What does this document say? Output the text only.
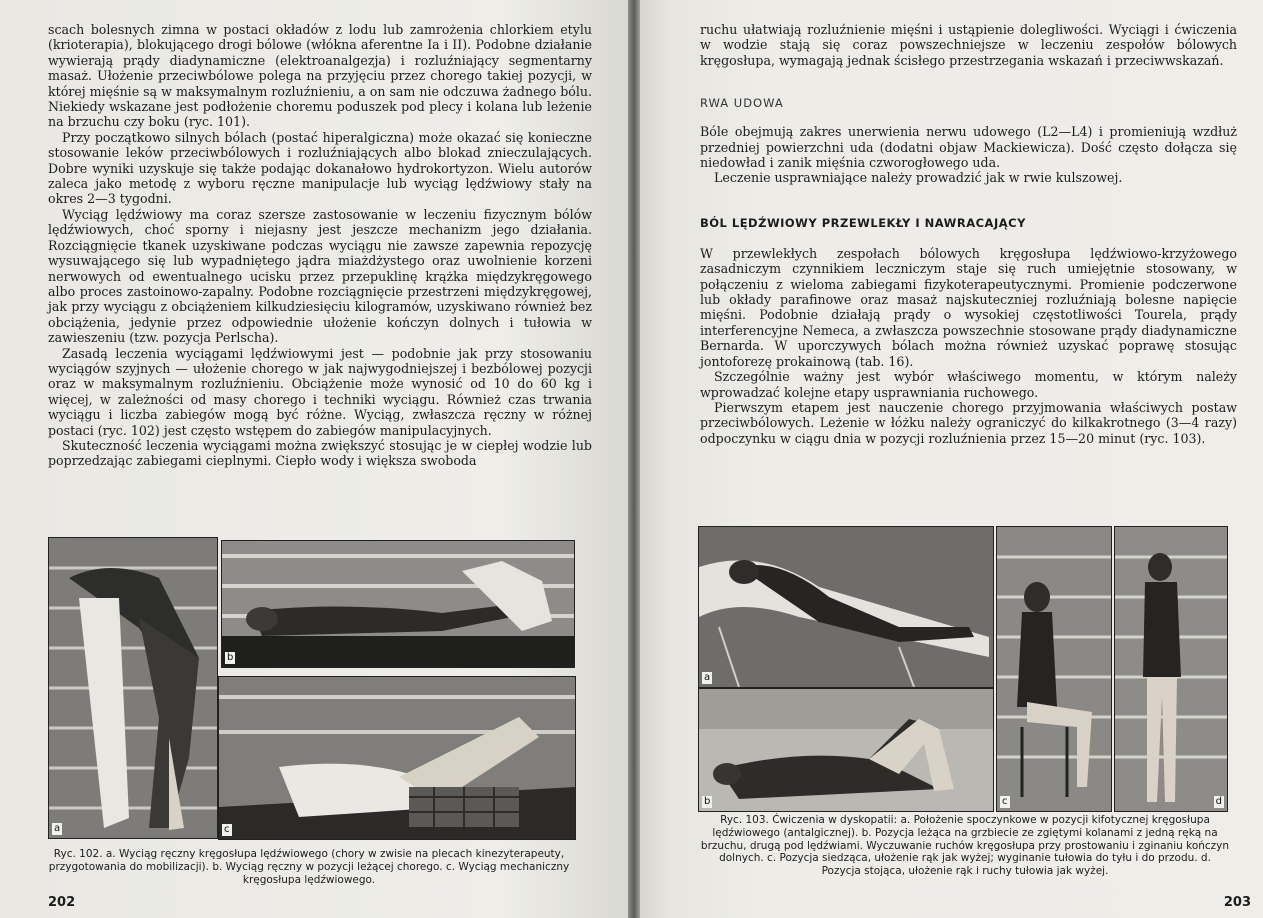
scach bolesnych zimna w postaci okładów z lodu lub zamrożenia chlorkiem etylu (krioterapia), blokującego drogi bólowe (włókna aferentne Ia i II). Podobne działanie wywierają prądy diadynamiczne (elektroanalgezja) i rozluźniający segmentarny masaż. Ułożenie przeciwbólowe polega na przyjęciu przez chorego takiej pozycji, w której mięśnie są w maksymalnym rozluźnieniu, a on sam nie odczuwa żadnego bólu. Niekiedy wskazane jest podłożenie choremu poduszek pod plecy i kolana lub leżenie na brzuchu czy boku (ryc. 101).

Przy początkowo silnych bólach (postać hiperalgiczna) może okazać się konieczne stosowanie leków przeciwbólowych i rozluźniających albo blokad znieczulających. Dobre wyniki uzyskuje się także podając dokanałowo hydrokortyzon. Wielu autorów zaleca jako metodę z wyboru ręczne manipulacje lub wyciąg lędźwiowy stały na okres 2—3 tygodni.

Wyciąg lędźwiowy ma coraz szersze zastosowanie w leczeniu fizycznym bólów lędźwiowych, choć sporny i niejasny jest jeszcze mechanizm jego działania. Rozciągnięcie tkanek uzyskiwane podczas wyciągu nie zawsze zapewnia repozycję wysuwającego się lub wypadniętego jądra miażdżystego oraz uwolnienie korzeni nerwowych od ewentualnego ucisku przez przepuklinę krążka międzykręgowego albo proces zastoinowo-zapalny. Podobne rozciągnięcie przestrzeni międzykręgowej, jak przy wyciągu z obciążeniem kilkudziesięciu kilogramów, uzyskiwano również bez obciążenia, jedynie przez odpowiednie ułożenie kończyn dolnych i tułowia w zawieszeniu (tzw. pozycja Perlscha).

Zasadą leczenia wyciągami lędźwiowymi jest — podobnie jak przy stosowaniu wyciągów szyjnych — ułożenie chorego w jak najwygodniejszej i bezbólowej pozycji oraz w maksymalnym rozluźnieniu. Obciążenie może wynosić od 10 do 60 kg i więcej, w zależności od masy chorego i techniki wyciągu. Również czas trwania wyciągu i liczba zabiegów mogą być różne. Wyciąg, zwłaszcza ręczny w różnej postaci (ryc. 102) jest często wstępem do zabiegów manipulacyjnych.

Skuteczność leczenia wyciągami można zwiększyć stosując je w ciepłej wodzie lub poprzedzając zabiegami cieplnymi. Ciepło wody i większa swoboda

a
b
c
Ryc. 102. a. Wyciąg ręczny kręgosłupa lędźwiowego (chory w zwisie na plecach kinezyterapeuty, przygotowania do mobilizacji). b. Wyciąg ręczny w pozycji leżącej chorego. c. Wyciąg mechaniczny kręgosłupa lędźwiowego.
202

ruchu ułatwiają rozluźnienie mięśni i ustąpienie dolegliwości. Wyciągi i ćwiczenia w wodzie stają się coraz powszechniejsze w leczeniu zespołów bólowych kręgosłupa, wymagają jednak ścisłego przestrzegania wskazań i przeciwwskazań.

RWA UDOWA

Bóle obejmują zakres unerwienia nerwu udowego (L2—L4) i promieniują wzdłuż przedniej powierzchni uda (dodatni objaw Mackiewicza). Dość często dołącza się niedowład i zanik mięśnia czworogłowego uda.

Leczenie usprawniające należy prowadzić jak w rwie kulszowej.

BÓL LĘDŹWIOWY PRZEWLEKŁY I NAWRACAJĄCY

W przewlekłych zespołach bólowych kręgosłupa lędźwiowo-krzyżowego zasadniczym czynnikiem leczniczym staje się ruch umiejętnie stosowany, w połączeniu z wieloma zabiegami fizykoterapeutycznymi. Promienie podczerwone lub okłady parafinowe oraz masaż najskuteczniej rozluźniają bolesne napięcie mięśni. Podobnie działają prądy o wysokiej częstotliwości Tourela, prądy interferencyjne Nemeca, a zwłaszcza powszechnie stosowane prądy diadynamiczne Bernarda. W uporczywych bólach można również uzyskać poprawę stosując jontoforezę prokainową (tab. 16).

Szczególnie ważny jest wybór właściwego momentu, w którym należy wprowadzać kolejne etapy usprawniania ruchowego.

Pierwszym etapem jest nauczenie chorego przyjmowania właściwych postaw przeciwbólowych. Leżenie w łóżku należy ograniczyć do kilkakrotnego (3—4 razy) odpoczynku w ciągu dnia w pozycji rozluźnienia przez 15—20 minut (ryc. 103).

a
b	c	d
Ryc. 103. Ćwiczenia w dyskopatii: a. Położenie spoczynkowe w pozycji kifotycznej kręgosłupa lędźwiowego (antalgicznej). b. Pozycja leżąca na grzbiecie ze zgiętymi kolanami z jedną ręką na brzuchu, drugą pod lędźwiami. Wyczuwanie ruchów kręgosłupa przy prostowaniu i zginaniu kończyn dolnych. c. Pozycja siedząca, ułożenie rąk jak wyżej; wyginanie tułowia do tyłu i do przodu. d. Pozycja stojąca, ułożenie rąk i ruchy tułowia jak wyżej.
203
